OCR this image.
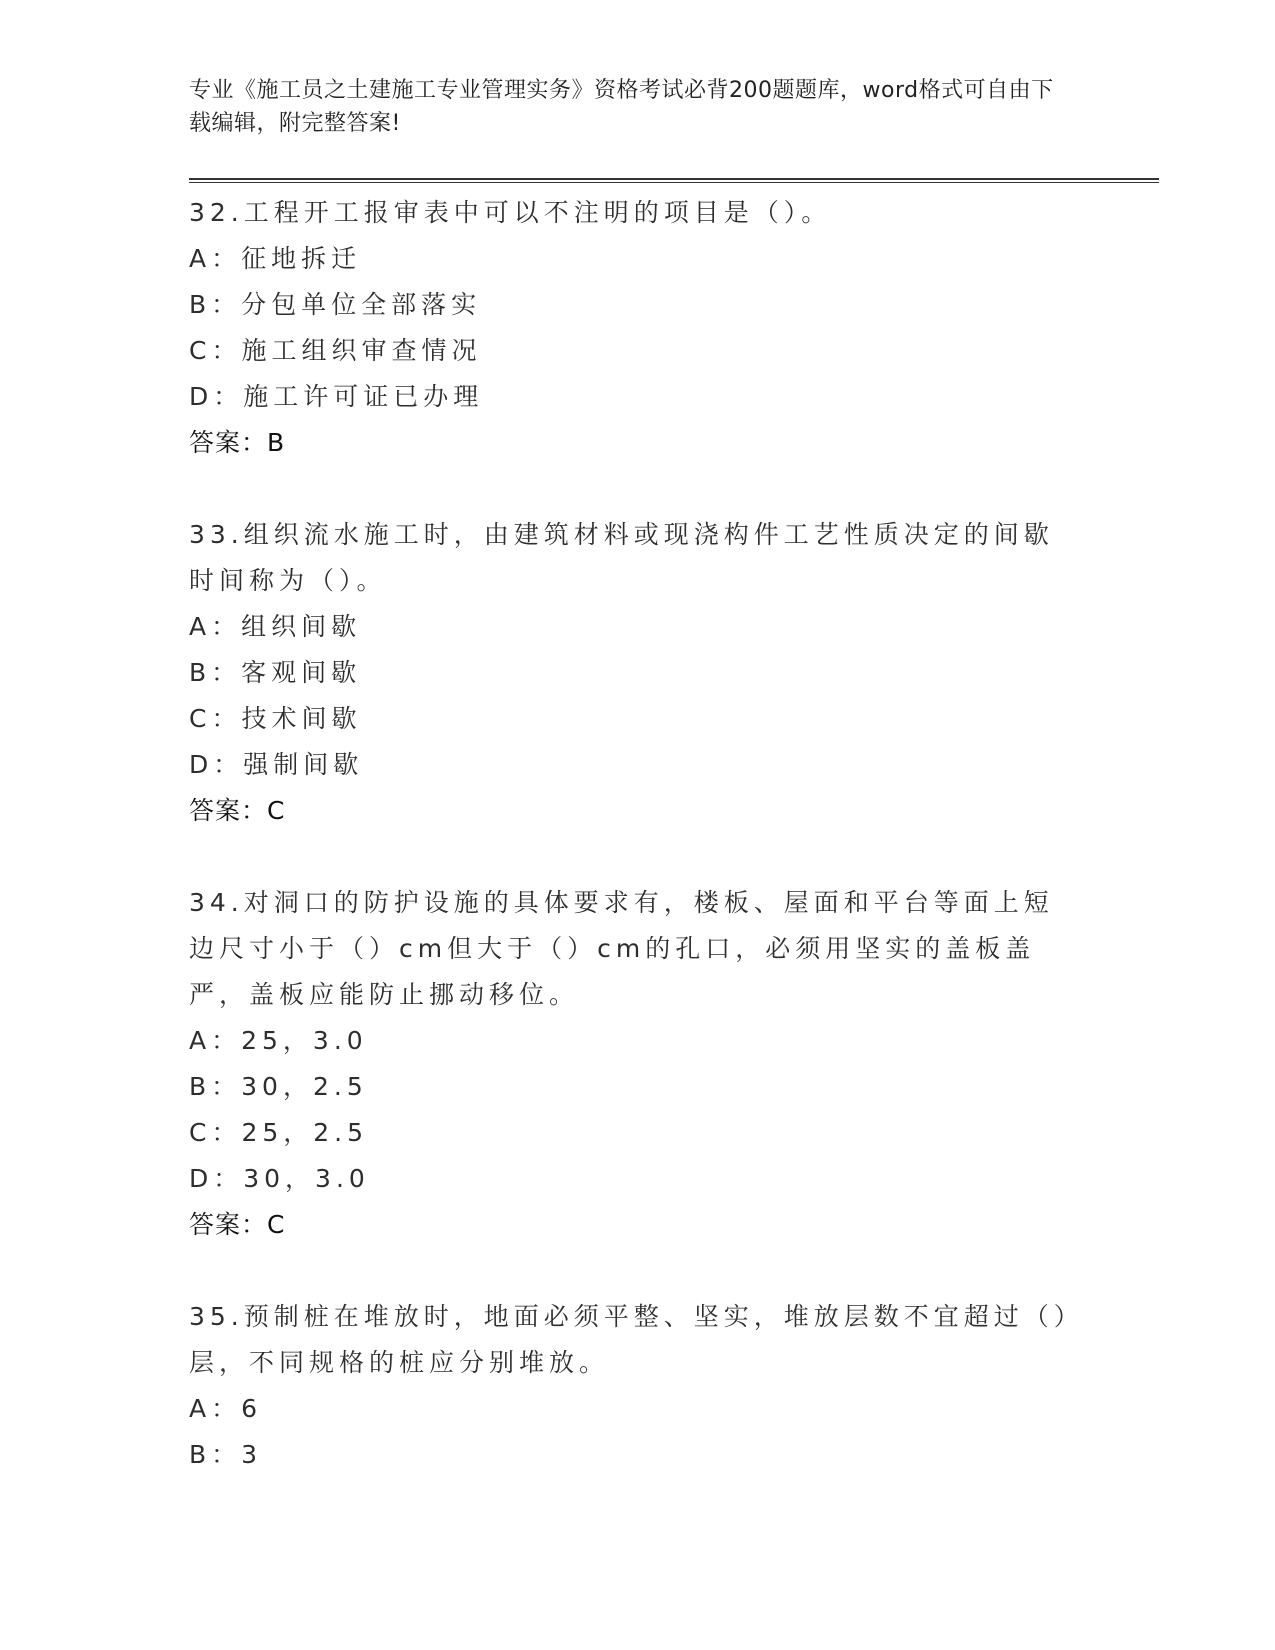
专业《施工员之土建施工专业管理实务》资格考试必背200题题库，word格式可自由下载编辑，附完整答案!

32.工程开工报审表中可以不注明的项目是（）。

A：征地拆迁

B：分包单位全部落实

C：施工组织审查情况

D：施工许可证已办理

答案：B

33.组织流水施工时，由建筑材料或现浇构件工艺性质决定的间歇时间称为（）。

A：组织间歇

B：客观间歇

C：技术间歇

D：强制间歇

答案：C

34.对洞口的防护设施的具体要求有，楼板、屋面和平台等面上短边尺寸小于（）cm但大于（）cm的孔口，必须用坚实的盖板盖严，盖板应能防止挪动移位。

A：25，3.0

B：30，2.5

C：25，2.5

D：30，3.0

答案：C

35.预制桩在堆放时，地面必须平整、坚实，堆放层数不宜超过（）层，不同规格的桩应分别堆放。

A：6

B：3
